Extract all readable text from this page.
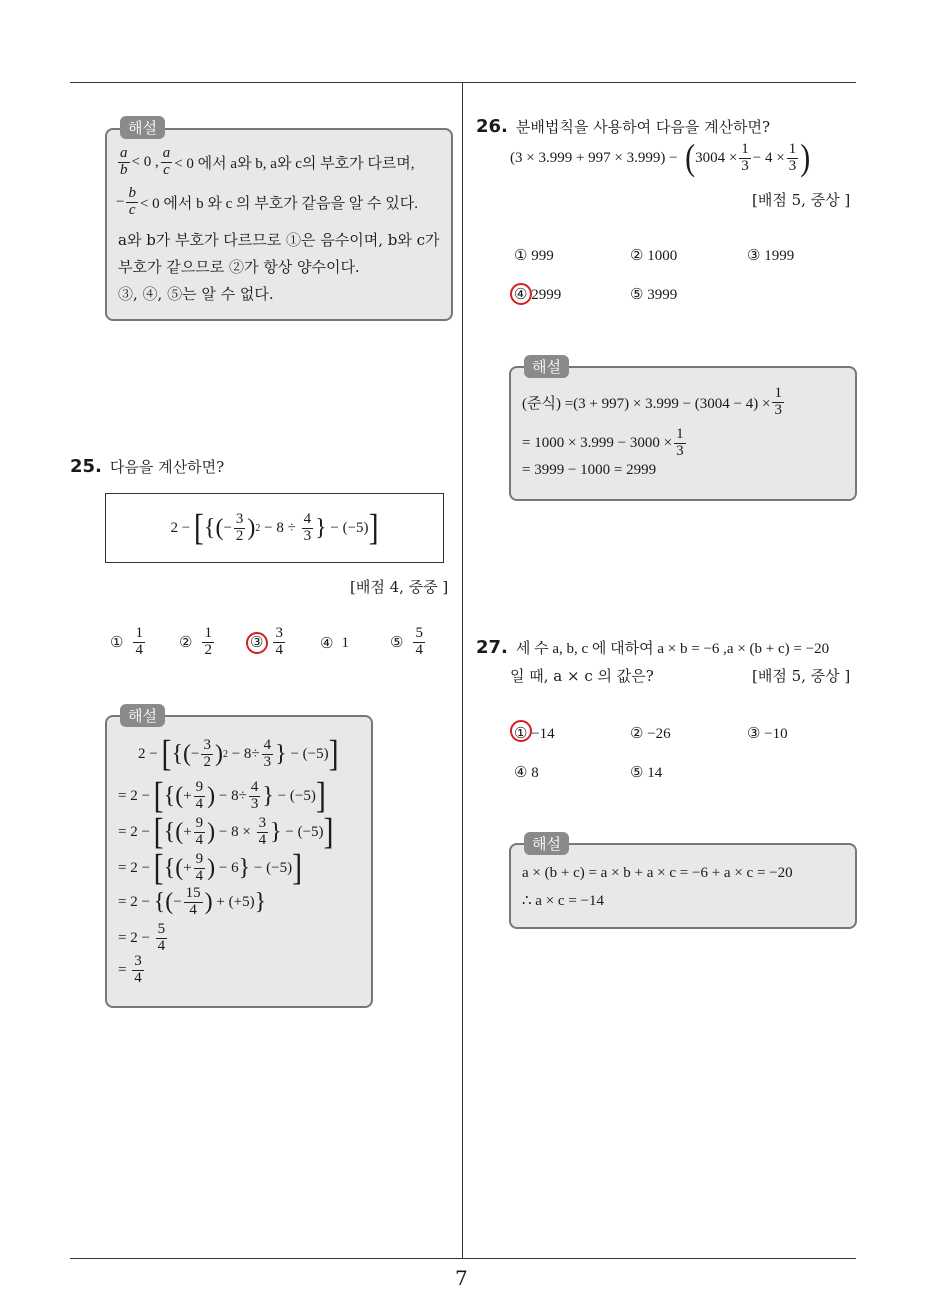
7
해설
$\frac{a}{b} < 0$ , $\frac{a}{c} < 0$ 에서 a와 b, a와 c의 부호가 다르며,
− $\frac{b}{c} < 0$ 에서 b 와 c 의 부호가 같음을 알 수 있다.
a와 b가 부호가 다르므로 ①은 음수이며, b와 c가
부호가 같으므로 ②가 항상 양수이다.
③, ④, ⑤는 알 수 없다.
25. 다음을 계산하면?
2 − [ { ( − $\frac{3}{2}$ ) $2 - 8 \div \frac{4}{3}$ } − (−5) ]
[배점 4, 중중 ]
① $\frac{1}{4}$ ② $\frac{1}{2}$ ③ $\frac{3}{4}$ ④ 1	⑤ $\frac{5}{4}$
해설
2 − [ { ( − $\frac{3}{2}$ ) $2 - 8\div \frac{4}{3}$ } − (−5) ]
= 2 − [ { ( + $\frac{9}{4}$ ) − $8\div \frac{4}{3}$ } − (−5) ]
= 2 − [ { ( + $\frac{9}{4}$ ) − $8 \times \frac{3}{4}$ } − (−5) ]
= 2 − [ { ( + $\frac{9}{4}$ ) − 6 } − (−5) ]
= 2 − { ( − $\frac{15}{4}$ ) + (+5) }
= $2 - \frac{5}{4}$
= $\frac{3}{4}$
26. 분배법칙을 사용하여 다음을 계산하면?
(3 × 3.999 + 997 × 3.999) − ( $3004 \times \frac{1}{3} - 4 \times \frac{1}{3}$ )
[배점 5, 중상 ]
① 999	② 1000	③ 1999
④ 2999	⑤ 3999
해설
(준식) $=(3 + 997) \times 3.999 - (3004 - 4) \times \frac{1}{3}$
= $1000 \times 3.999 - 3000 \times \frac{1}{3}$
= 3999 − 1000 = 2999
27. 세 수 a, b, c 에 대하여 a × b = −6 ,a × (b + c) = −20
일 때, a × c 의 값은?	[배점 5, 중상 ]
① −14	② −26	③ −10
④ 8	⑤ 14
해설
a × (b + c) = a × b + a × c = −6 + a × c = −20
∴ a × c = −14
